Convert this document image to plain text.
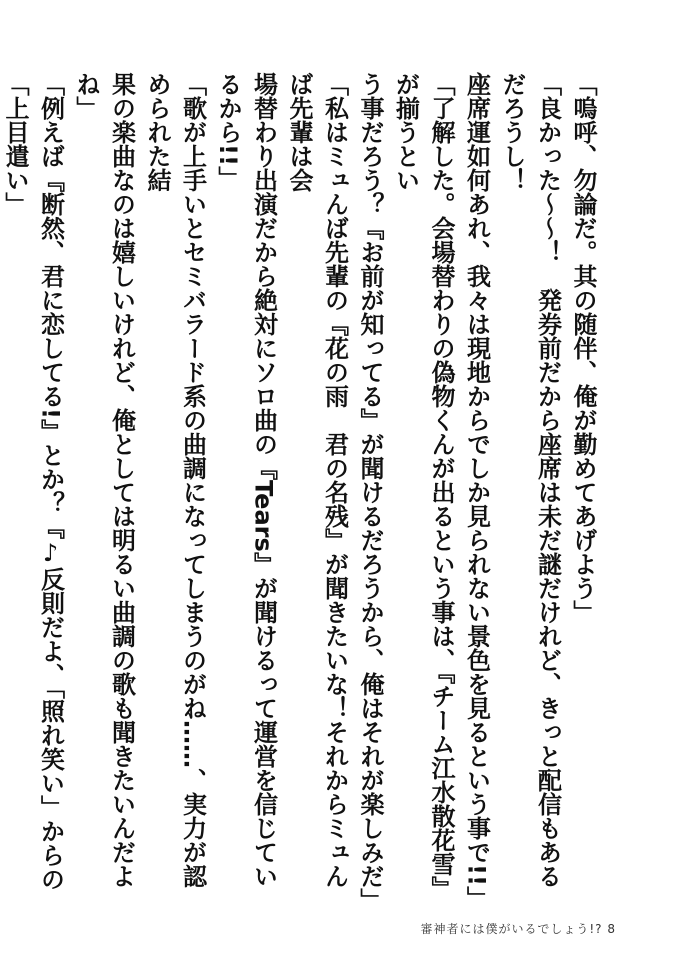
「嗚呼、勿論だ。其の随伴、俺が勤めてあげよう」

「良かった〜〜！　発券前だから座席は未だ謎だけれど、きっと配信もあるだろうし！

座席運如何あれ、我々は現地からでしか見られない景色を見るという事で!!」

「了解した。会場替わりの偽物くんが出るという事は、『チーム江水散花雪』が揃うとい

う事だろう？『お前が知ってる』が聞けるだろうから、俺はそれが楽しみだ」

「私はミュんば先輩の『花の雨　君の名残』が聞きたいな！それからミュんば先輩は会

場替わり出演だから絶対にソロ曲の『Tears』が聞けるって運営を信じているから!!」

「歌が上手いとセミバラード系の曲調になってしまうのがね……、実力が認められた結

果の楽曲なのは嬉しいけれど、俺としては明るい曲調の歌も聞きたいんだよね」

「例えば『断然、君に恋してる!』とか？『♪反則だよ、「照れ笑い」からの「上目遣い」

審神者には僕がいるでしょう!? 8
